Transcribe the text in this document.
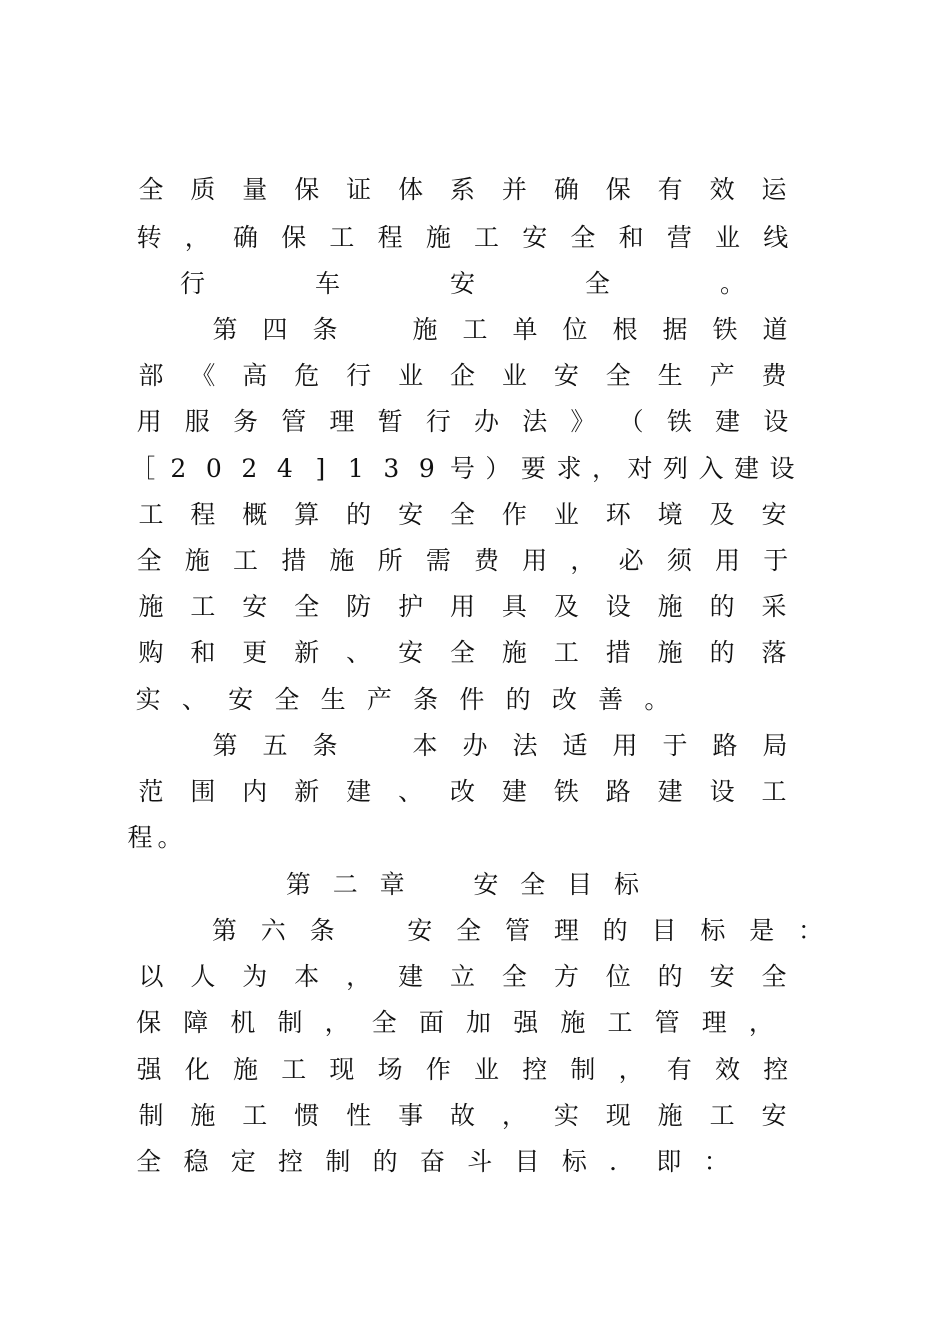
全 质 量 保 证 体 系 并 确 保 有 效 运
转 ， 确 保 工 程 施 工 安 全 和 营 业 线
行	车	安	全	。
第 四 条　	施 工 单 位 根 据 铁 道
部 《 高 危 行 业 企 业 安 全 生 产 费
用 服 务 管 理 暂 行 办 法 》 （ 铁 建 设
［ 2 0 2 4 ] 1 3 9 号 ） 要 求 ， 对 列 入 建 设
工 程 概 算 的 安 全 作 业 环 境 及 安
全 施 工 措 施 所 需 费 用 ， 必 须 用 于
施 工 安 全 防 护 用 具 及 设 施 的 采
购 和 更 新 、 安 全 施 工 措 施 的 落
实 、 安 全 生 产 条 件 的 改 善 。
第 五 条　	本 办 法 适 用 于 路 局
范 围 内 新 建 、 改 建 铁 路 建 设 工
程 。
第 二 章　	安 全 目 标
第 六 条　	安 全 管 理 的 目 标 是 ：
以 人 为 本 ， 建 立 全 方 位 的 安 全
保 障 机 制 ， 全 面 加 强 施 工 管 理 ，
强 化 施 工 现 场 作 业 控 制 ， 有 效 控
制 施 工 惯 性 事 故 ， 实 现 施 工 安
全 稳 定 控 制 的 奋 斗 目 标 ． 即 ：
